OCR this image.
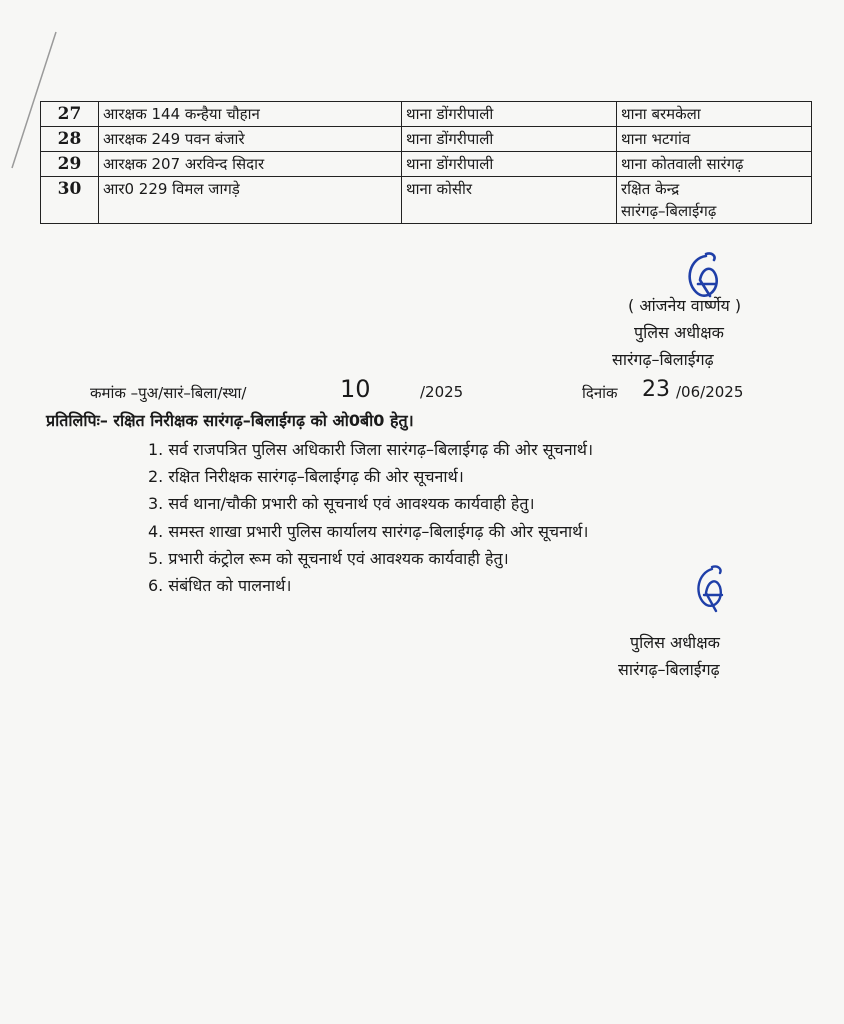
27	आरक्षक 144 कन्हैया चौहान	थाना डोंगरीपाली	थाना बरमकेला

28	आरक्षक 249 पवन बंजारे	थाना डोंगरीपाली	थाना भटगांव

29	आरक्षक 207 अरविन्द सिदार	थाना डोंगरीपाली	थाना कोतवाली सारंगढ़

30	आर0 229 विमल जागड़े	थाना कोसीर	रक्षित केन्द्र
सारंगढ़–बिलाईगढ़
( आंजनेय वार्ष्णेय )
पुलिस अधीक्षक
सारंगढ़–बिलाईगढ़
कमांक –पुअ/सारं–बिला/स्था/	10	/2025	दिनांक 23 /06/2025
प्रतिलिपिः– रक्षित निरीक्षक सारंगढ़–बिलाईगढ़ को ओ0बी0 हेतु।
1. सर्व राजपत्रित पुलिस अधिकारी जिला सारंगढ़–बिलाईगढ़ की ओर सूचनार्थ।
2. रक्षित निरीक्षक सारंगढ़–बिलाईगढ़ की ओर सूचनार्थ।
3. सर्व थाना/चौकी प्रभारी को सूचनार्थ एवं आवश्यक कार्यवाही हेतु।
4. समस्त शाखा प्रभारी पुलिस कार्यालय सारंगढ़–बिलाईगढ़ की ओर सूचनार्थ।
5. प्रभारी कंट्रोल रूम को सूचनार्थ एवं आवश्यक कार्यवाही हेतु।
6. संबंधित को पालनार्थ।
पुलिस अधीक्षक
सारंगढ़–बिलाईगढ़
